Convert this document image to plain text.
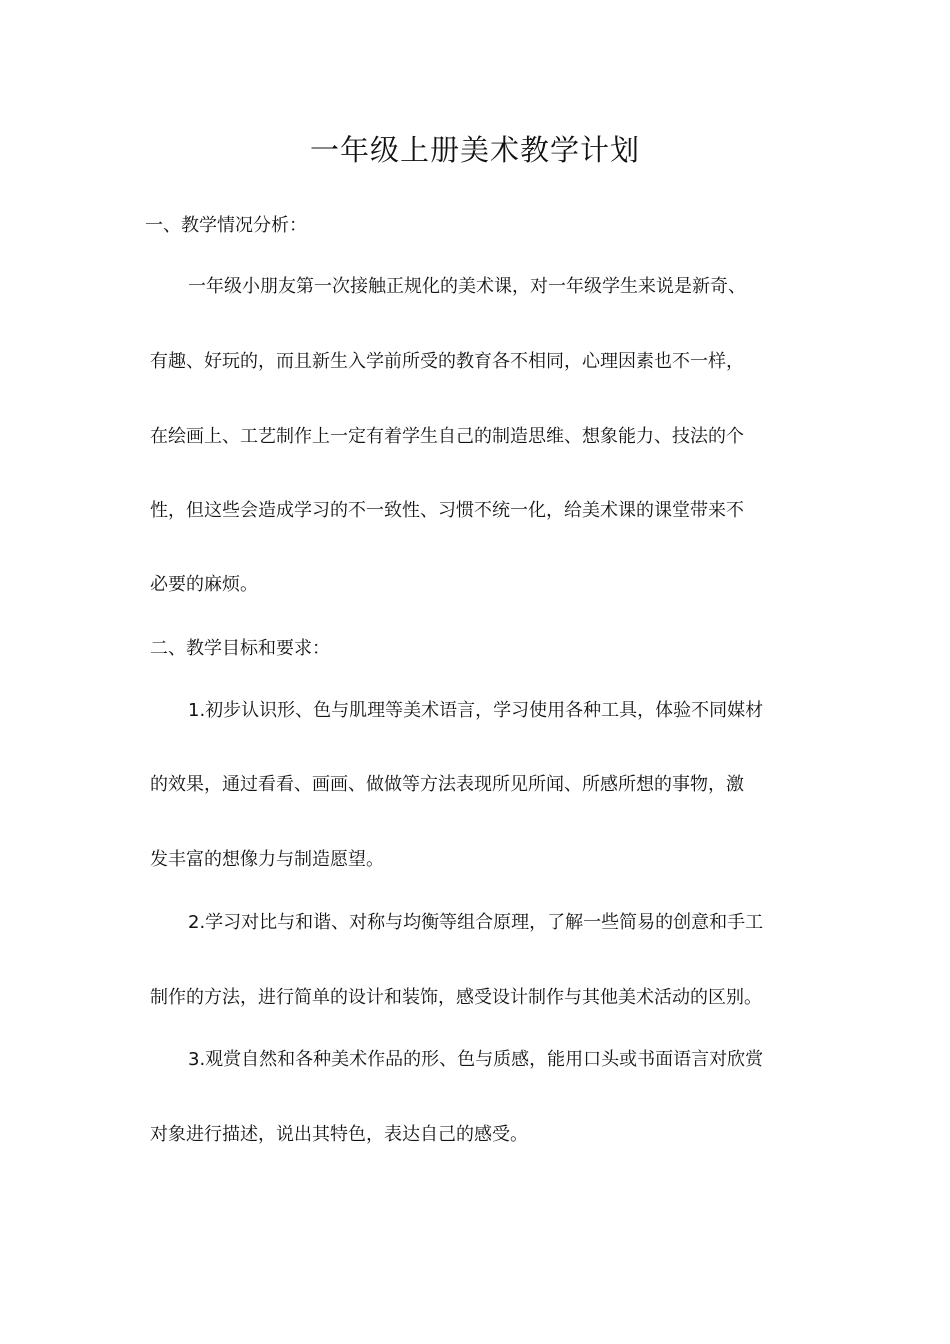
一年级上册美术教学计划
一、教学情况分析：
一年级小朋友第一次接触正规化的美术课，对一年级学生来说是新奇、
有趣、好玩的，而且新生入学前所受的教育各不相同，心理因素也不一样，
在绘画上、工艺制作上一定有着学生自己的制造思维、想象能力、技法的个
性，但这些会造成学习的不一致性、习惯不统一化，给美术课的课堂带来不
必要的麻烦。
二、教学目标和要求：
1.初步认识形、色与肌理等美术语言，学习使用各种工具，体验不同媒材
的效果，通过看看、画画、做做等方法表现所见所闻、所感所想的事物，激
发丰富的想像力与制造愿望。
2.学习对比与和谐、对称与均衡等组合原理，了解一些简易的创意和手工
制作的方法，进行简单的设计和装饰，感受设计制作与其他美术活动的区别。
3.观赏自然和各种美术作品的形、色与质感，能用口头或书面语言对欣赏
对象进行描述，说出其特色，表达自己的感受。
